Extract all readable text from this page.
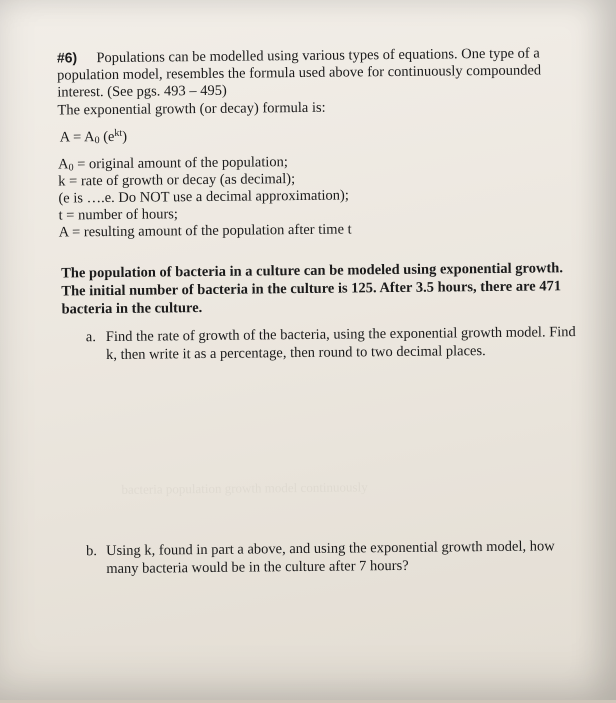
bacteria population growth model continuously
#6) Populations can be modelled using various types of equations. One type of a
population model, resembles the formula used above for continuously compounded
interest. (See pgs. 493 – 495)
The exponential growth (or decay) formula is:
$A = A_0$ $(e^{kt})$
$A_0$ = original amount of the population;
k = rate of growth or decay (as decimal);
(e is ….e. Do NOT use a decimal approximation);
t = number of hours;
A = resulting amount of the population after time t
The population of bacteria in a culture can be modeled using exponential growth.
The initial number of bacteria in the culture is 125. After 3.5 hours, there are 471
bacteria in the culture.
a. Find the rate of growth of the bacteria, using the exponential growth model. Find
k, then write it as a percentage, then round to two decimal places.
b. Using k, found in part a above, and using the exponential growth model, how
many bacteria would be in the culture after 7 hours?
